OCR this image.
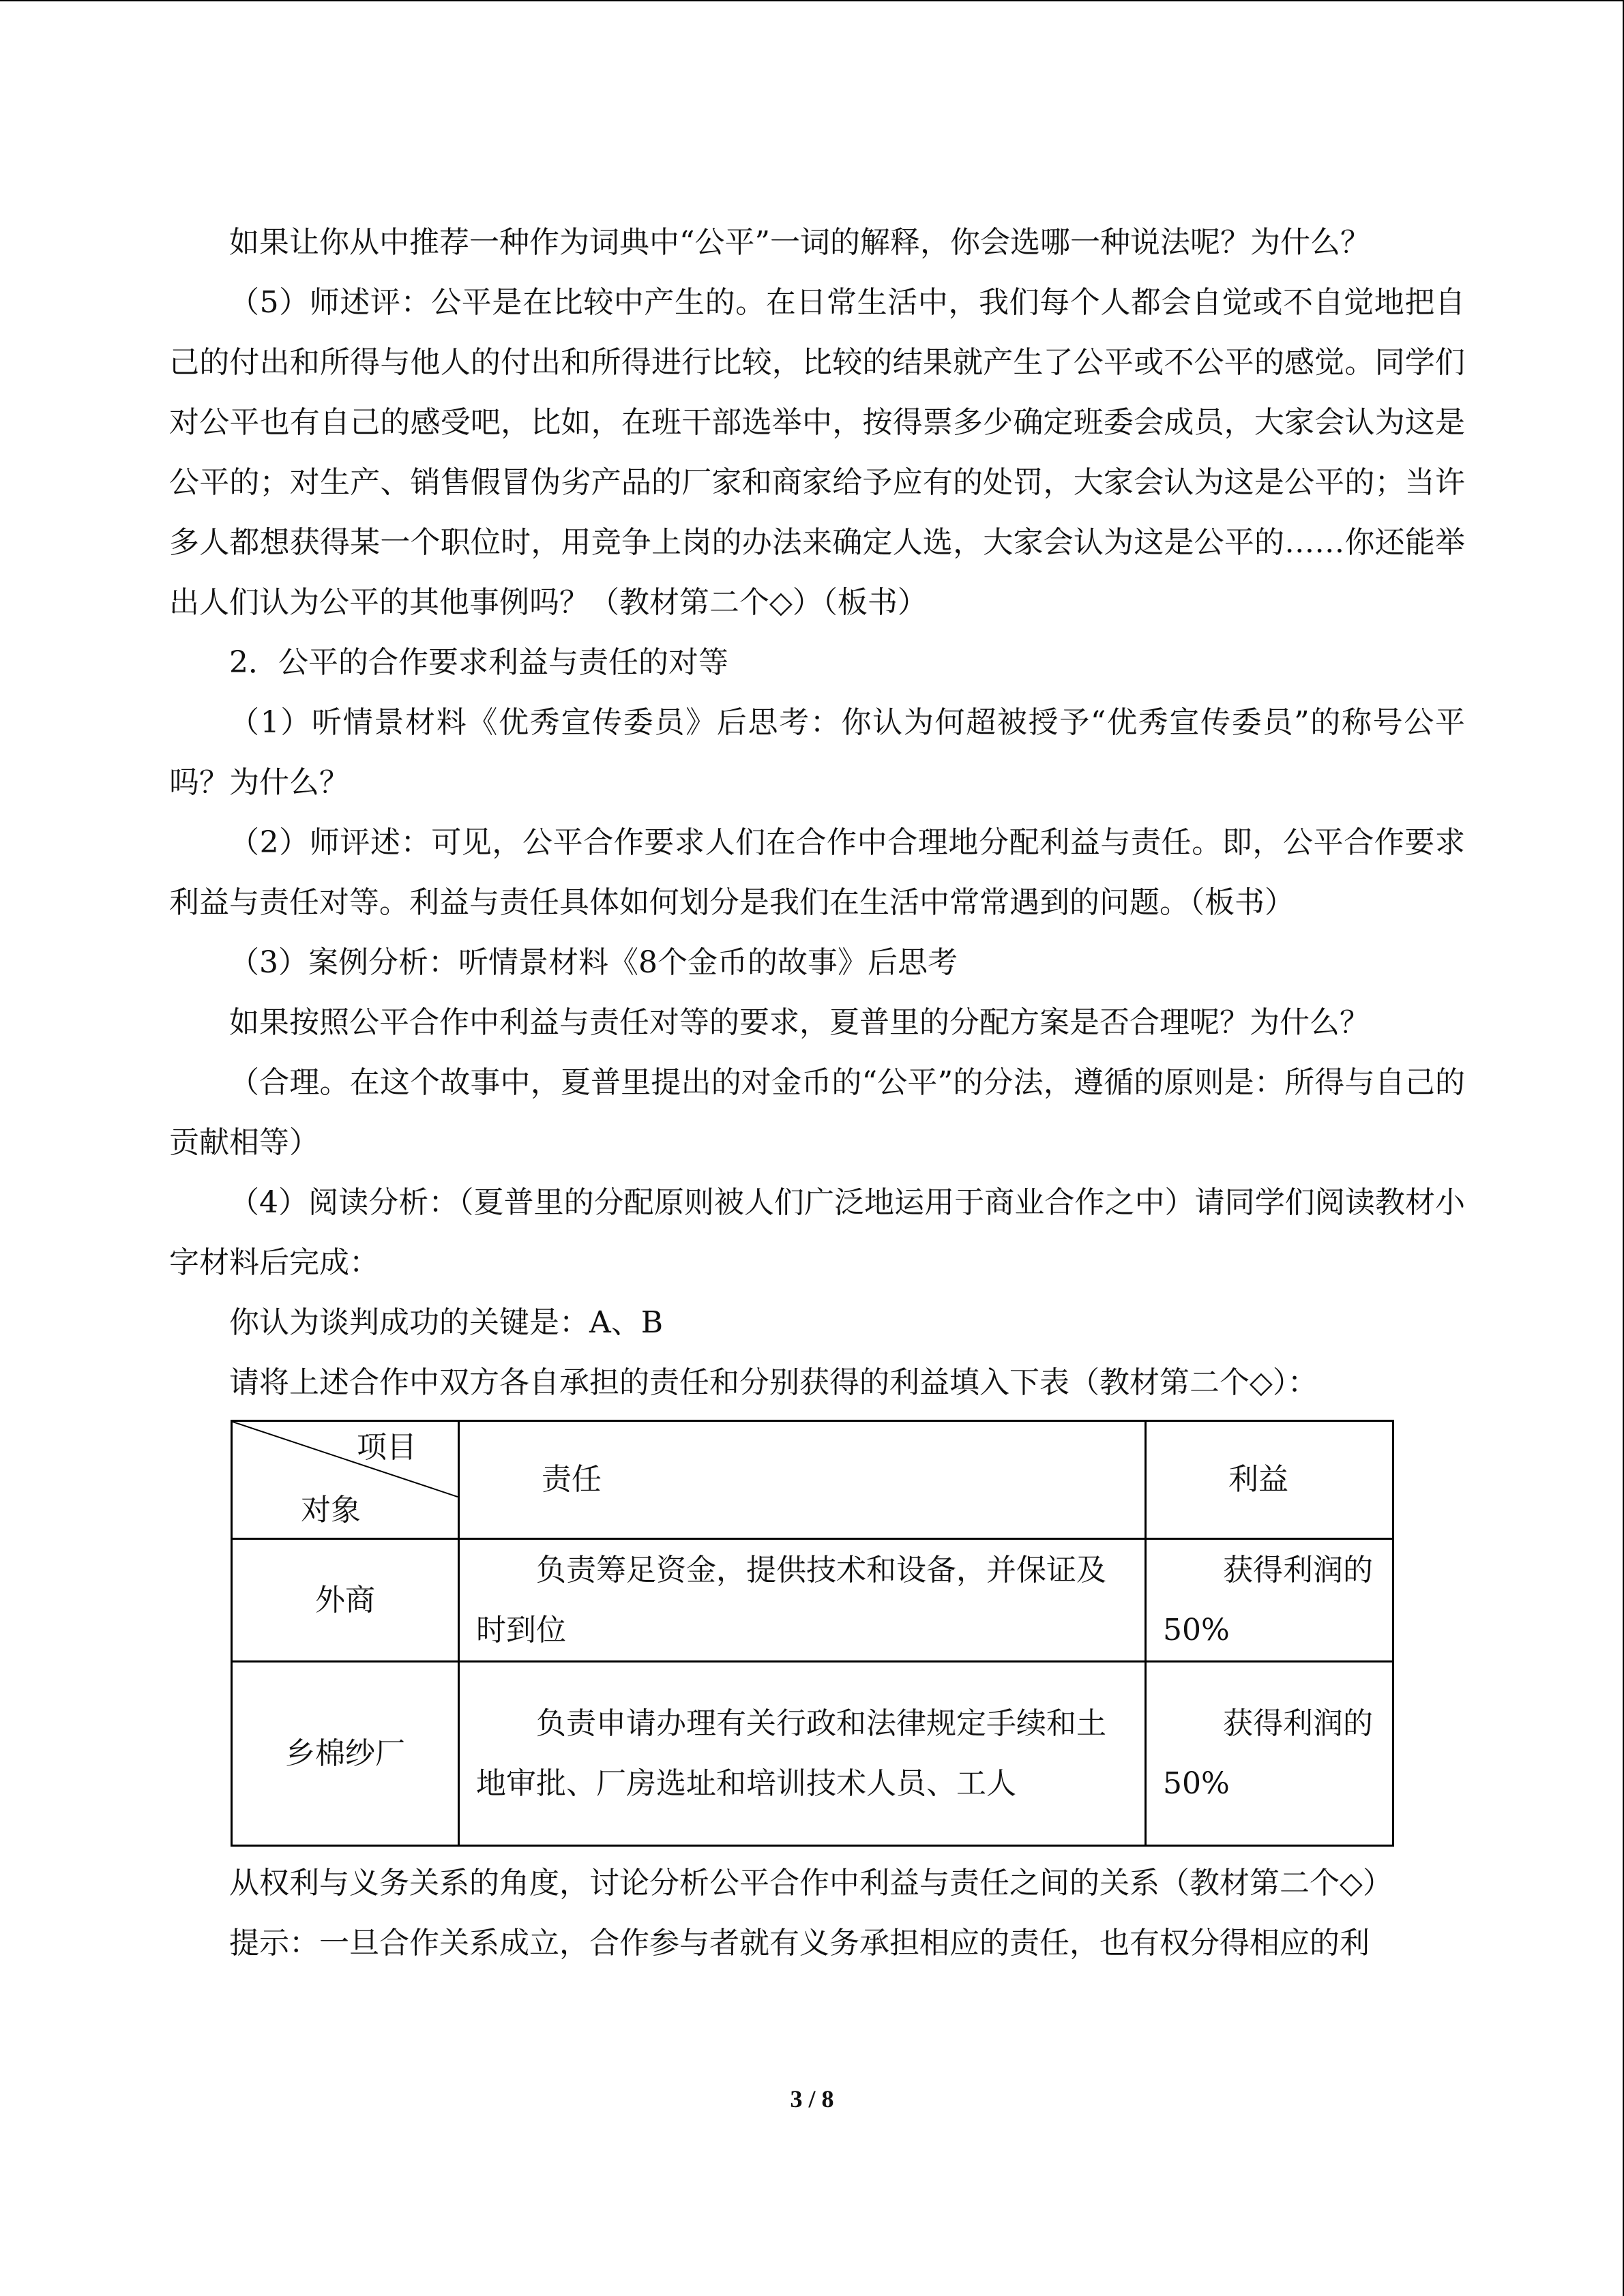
如果让你从中推荐一种作为词典中“公平”一词的解释，你会选哪一种说法呢？为什么？

（5）师述评：公平是在比较中产生的。在日常生活中，我们每个人都会自觉或不自觉地把自己的付出和所得与他人的付出和所得进行比较，比较的结果就产生了公平或不公平的感觉。同学们对公平也有自己的感受吧，比如，在班干部选举中，按得票多少确定班委会成员，大家会认为这是公平的；对生产、销售假冒伪劣产品的厂家和商家给予应有的处罚，大家会认为这是公平的；当许多人都想获得某一个职位时，用竞争上岗的办法来确定人选，大家会认为这是公平的……你还能举出人们认为公平的其他事例吗？（教材第二个◇）（板书）

2．公平的合作要求利益与责任的对等

（1）听情景材料《优秀宣传委员》后思考：你认为何超被授予“优秀宣传委员”的称号公平吗？为什么？

（2）师评述：可见，公平合作要求人们在合作中合理地分配利益与责任。即，公平合作要求利益与责任对等。利益与责任具体如何划分是我们在生活中常常遇到的问题。（板书）

（3）案例分析：听情景材料《8个金币的故事》后思考

如果按照公平合作中利益与责任对等的要求，夏普里的分配方案是否合理呢？为什么？

（合理。在这个故事中，夏普里提出的对金币的“公平”的分法，遵循的原则是：所得与自己的贡献相等）

（4）阅读分析：（夏普里的分配原则被人们广泛地运用于商业合作之中）请同学们阅读教材小字材料后完成：

你认为谈判成功的关键是：A、B

请将上述合作中双方各自承担的责任和分别获得的利益填入下表（教材第二个◇）：

项目
对象	责任	利益
外商	负责筹足资金，提供技术和设备，并保证及时到位	获得利润的50%

乡棉纱厂	负责申请办理有关行政和法律规定手续和土地审批、厂房选址和培训技术人员、工人	获得利润的50%

从权利与义务关系的角度，讨论分析公平合作中利益与责任之间的关系（教材第二个◇）

提示：一旦合作关系成立，合作参与者就有义务承担相应的责任，也有权分得相应的利

3 / 8
